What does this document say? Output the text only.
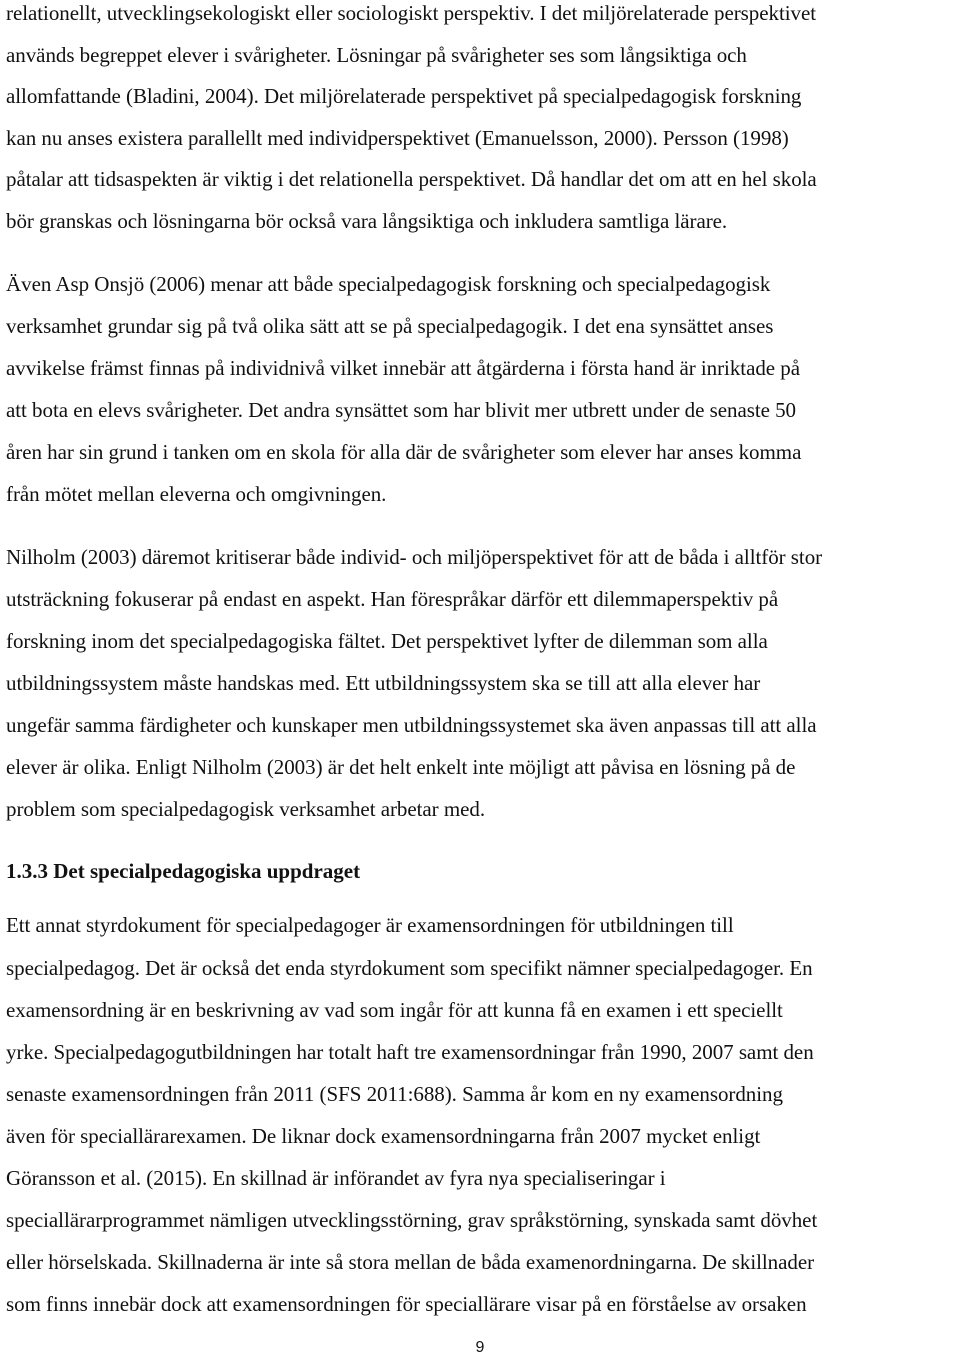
relationellt, utvecklingsekologiskt eller sociologiskt perspektiv. I det miljörelaterade perspektivet
används begreppet elever i svårigheter. Lösningar på svårigheter ses som långsiktiga och
allomfattande (Bladini, 2004). Det miljörelaterade perspektivet på specialpedagogisk forskning
kan nu anses existera parallellt med individperspektivet (Emanuelsson, 2000). Persson (1998)
påtalar att tidsaspekten är viktig i det relationella perspektivet. Då handlar det om att en hel skola
bör granskas och lösningarna bör också vara långsiktiga och inkludera samtliga lärare.
Även Asp Onsjö (2006) menar att både specialpedagogisk forskning och specialpedagogisk
verksamhet grundar sig på två olika sätt att se på specialpedagogik. I det ena synsättet anses
avvikelse främst finnas på individnivå vilket innebär att åtgärderna i första hand är inriktade på
att bota en elevs svårigheter. Det andra synsättet som har blivit mer utbrett under de senaste 50
åren har sin grund i tanken om en skola för alla där de svårigheter som elever har anses komma
från mötet mellan eleverna och omgivningen.
Nilholm (2003) däremot kritiserar både individ- och miljöperspektivet för att de båda i alltför stor
utsträckning fokuserar på endast en aspekt. Han förespråkar därför ett dilemmaperspektiv på
forskning inom det specialpedagogiska fältet. Det perspektivet lyfter de dilemman som alla
utbildningssystem måste handskas med. Ett utbildningssystem ska se till att alla elever har
ungefär samma färdigheter och kunskaper men utbildningssystemet ska även anpassas till att alla
elever är olika. Enligt Nilholm (2003) är det helt enkelt inte möjligt att påvisa en lösning på de
problem som specialpedagogisk verksamhet arbetar med.
1.3.3 Det specialpedagogiska uppdraget
Ett annat styrdokument för specialpedagoger är examensordningen för utbildningen till
specialpedagog. Det är också det enda styrdokument som specifikt nämner specialpedagoger. En
examensordning är en beskrivning av vad som ingår för att kunna få en examen i ett speciellt
yrke. Specialpedagogutbildningen har totalt haft tre examensordningar från 1990, 2007 samt den
senaste examensordningen från 2011 (SFS 2011:688). Samma år kom en ny examensordning
även för speciallärarexamen. De liknar dock examensordningarna från 2007 mycket enligt
Göransson et al. (2015). En skillnad är införandet av fyra nya specialiseringar i
speciallärarprogrammet nämligen utvecklingsstörning, grav språkstörning, synskada samt dövhet
eller hörselskada. Skillnaderna är inte så stora mellan de båda examenordningarna. De skillnader
som finns innebär dock att examensordningen för speciallärare visar på en förståelse av orsaken
9
